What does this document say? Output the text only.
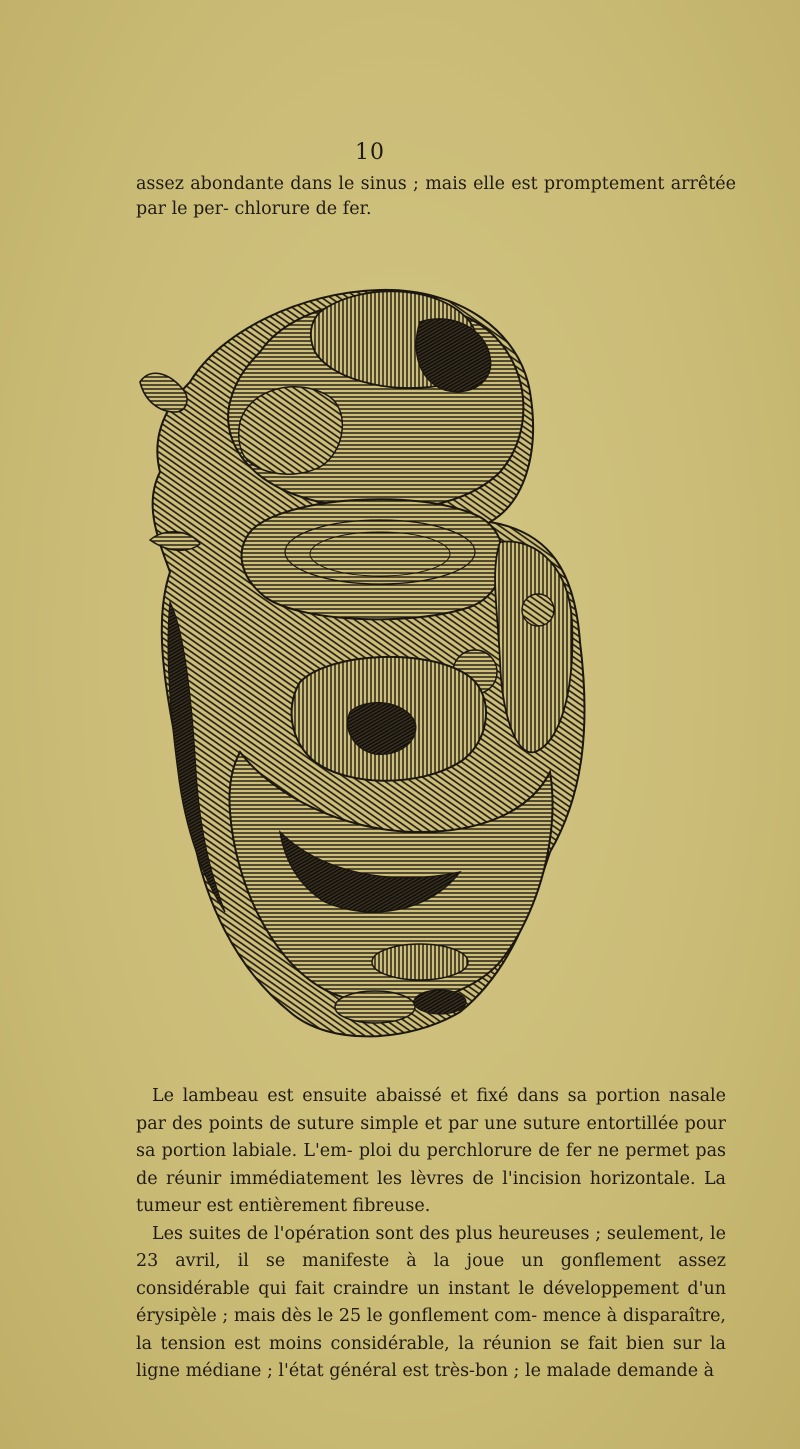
10
assez abondante dans le sinus ; mais elle est promptement arrêtée par le per- chlorure de fer.

Le lambeau est ensuite abaissé et fixé dans sa portion nasale par des points de suture simple et par une suture entortillée pour sa portion labiale. L'em- ploi du perchlorure de fer ne permet pas de réunir immédiatement les lèvres de l'incision horizontale. La tumeur est entièrement fibreuse.

Les suites de l'opération sont des plus heureuses ; seulement, le 23 avril, il se manifeste à la joue un gonflement assez considérable qui fait craindre un instant le développement d'un érysipèle ; mais dès le 25 le gonflement com- mence à disparaître, la tension est moins considérable, la réunion se fait bien sur la ligne médiane ; l'état général est très-bon ; le malade demande à
